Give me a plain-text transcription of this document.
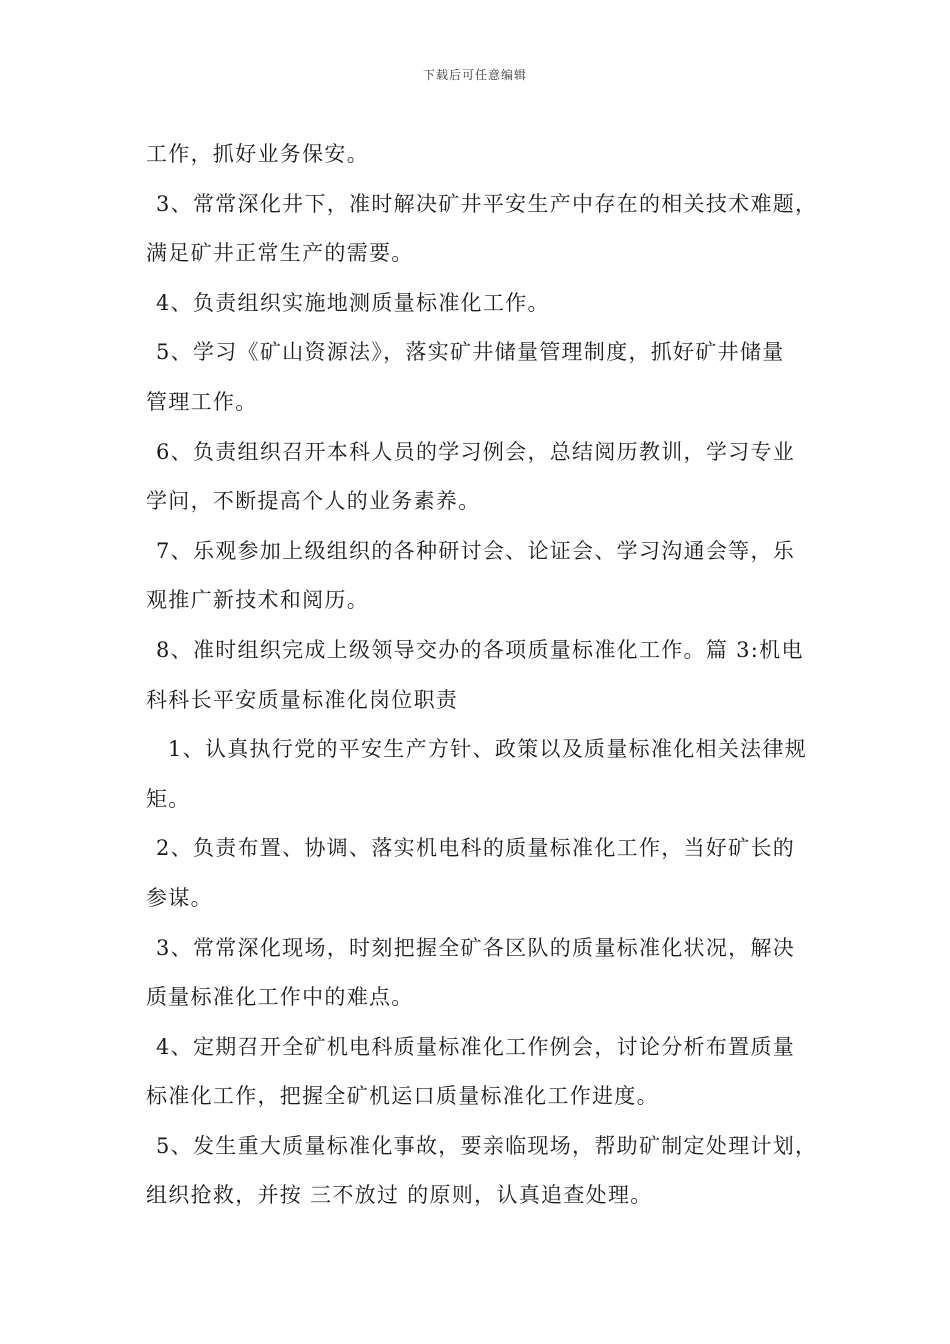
下载后可任意编辑
工作，抓好业务保安。
3、常常深化井下，准时解决矿井平安生产中存在的相关技术难题，
满足矿井正常生产的需要。
4、负责组织实施地测质量标准化工作。
5、学习《矿山资源法》，落实矿井储量管理制度，抓好矿井储量
管理工作。
6、负责组织召开本科人员的学习例会，总结阅历教训，学习专业
学问，不断提高个人的业务素养。
7、乐观参加上级组织的各种研讨会、论证会、学习沟通会等，乐
观推广新技术和阅历。
8、准时组织完成上级领导交办的各项质量标准化工作。篇 3:机电
科科长平安质量标准化岗位职责
1、认真执行党的平安生产方针、政策以及质量标准化相关法律规
矩。
2、负责布置、协调、落实机电科的质量标准化工作，当好矿长的
参谋。
3、常常深化现场，时刻把握全矿各区队的质量标准化状况，解决
质量标准化工作中的难点。
4、定期召开全矿机电科质量标准化工作例会，讨论分析布置质量
标准化工作，把握全矿机运口质量标准化工作进度。
5、发生重大质量标准化事故，要亲临现场，帮助矿制定处理计划，
组织抢救，并按 三不放过 的原则，认真追查处理。
